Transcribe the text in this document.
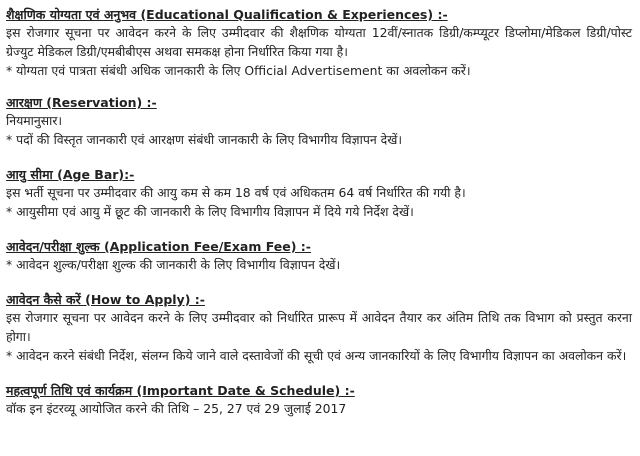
शैक्षणिक योग्यता एवं अनुभव (Educational Qualification & Experiences) :-

इस रोजगार सूचना पर आवेदन करने के लिए उम्मीदवार की शैक्षणिक योग्यता 12वीं/स्नातक डिग्री/कम्प्यूटर डिप्लोमा/मेडिकल डिग्री/पोस्ट ग्रेज्युट मेडिकल डिग्री/एमबीबीएस अथवा समकक्ष होना निर्धारित किया गया है।

* योग्यता एवं पात्रता संबंधी अधिक जानकारी के लिए Official Advertisement का अवलोकन करें।

आरक्षण (Reservation) :-

नियमानुसार।

* पदों की विस्तृत जानकारी एवं आरक्षण संबंधी जानकारी के लिए विभागीय विज्ञापन देखें।

आयु सीमा (Age Bar):-

इस भर्ती सूचना पर उम्मीदवार की आयु कम से कम 18 वर्ष एवं अधिकतम 64 वर्ष निर्धारित की गयी है।

* आयुसीमा एवं आयु में छूट की जानकारी के लिए विभागीय विज्ञापन में दिये गये निर्देश देखें।

आवेदन/परीक्षा शुल्क (Application Fee/Exam Fee) :-

* आवेदन शुल्क/परीक्षा शुल्क की जानकारी के लिए विभागीय विज्ञापन देखें।

आवेदन कैसे करें (How to Apply) :-

इस रोजगार सूचना पर आवेदन करने के लिए उम्मीदवार को निर्धारित प्रारूप में आवेदन तैयार कर अंतिम तिथि तक विभाग को प्रस्तुत करना होगा।

* आवेदन करने संबंधी निर्देश, संलग्न किये जाने वाले दस्तावेजों की सूची एवं अन्य जानकारियों के लिए विभागीय विज्ञापन का अवलोकन करें।

महत्वपूर्ण तिथि एवं कार्यक्रम (Important Date & Schedule) :-

वॉक इन इंटरव्यू आयोजित करने की तिथि – 25, 27 एवं 29 जुलाई 2017
